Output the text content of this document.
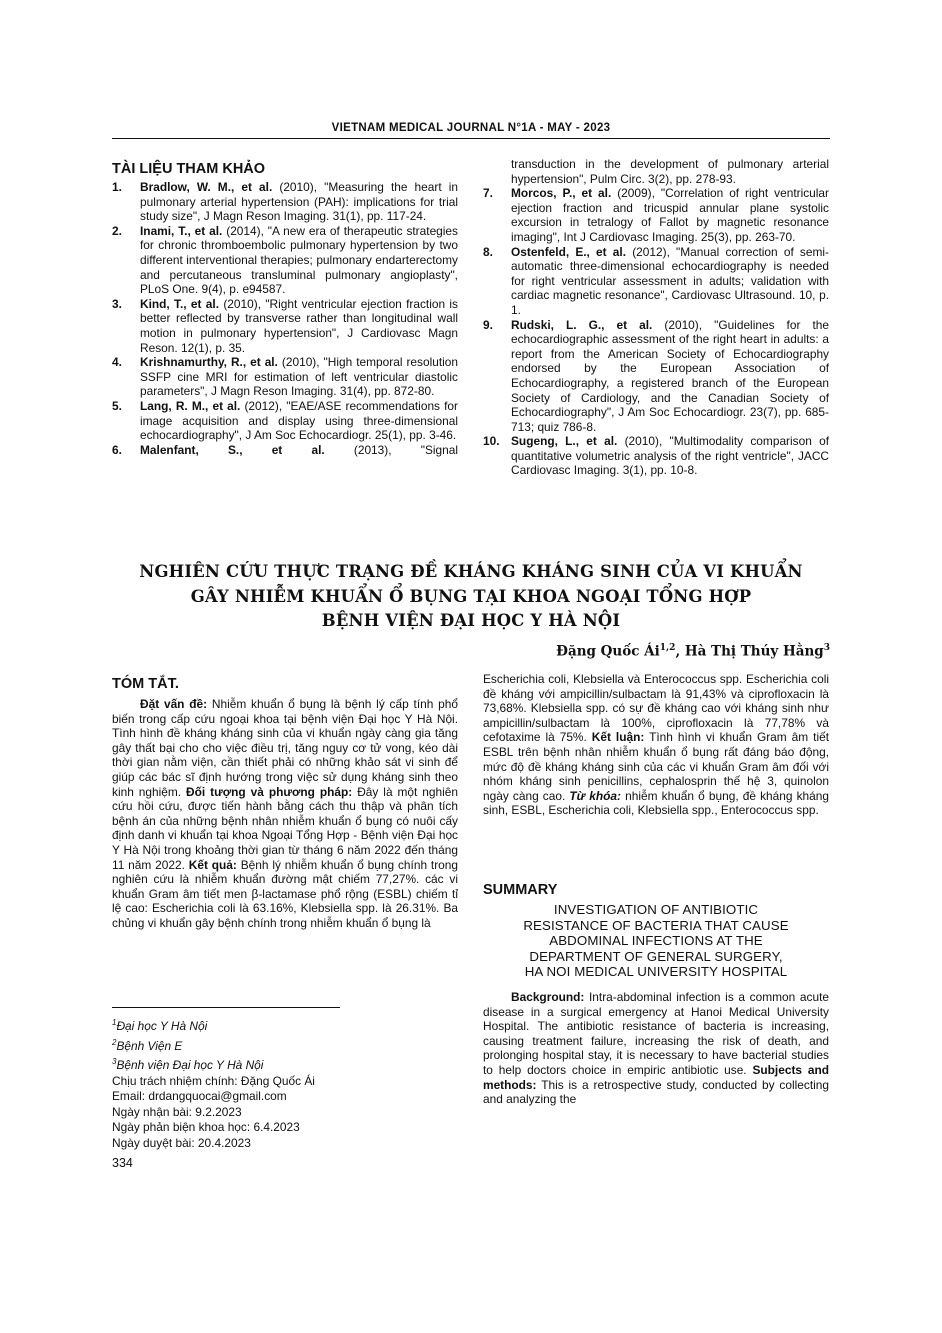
VIETNAM MEDICAL JOURNAL N°1A - MAY - 2023
TÀI LIỆU THAM KHẢO
1. Bradlow, W. M., et al. (2010), "Measuring the heart in pulmonary arterial hypertension (PAH): implications for trial study size", J Magn Reson Imaging. 31(1), pp. 117-24.
2. Inami, T., et al. (2014), "A new era of therapeutic strategies for chronic thromboembolic pulmonary hypertension by two different interventional therapies; pulmonary endarterectomy and percutaneous transluminal pulmonary angioplasty", PLoS One. 9(4), p. e94587.
3. Kind, T., et al. (2010), "Right ventricular ejection fraction is better reflected by transverse rather than longitudinal wall motion in pulmonary hypertension", J Cardiovasc Magn Reson. 12(1), p. 35.
4. Krishnamurthy, R., et al. (2010), "High temporal resolution SSFP cine MRI for estimation of left ventricular diastolic parameters", J Magn Reson Imaging. 31(4), pp. 872-80.
5. Lang, R. M., et al. (2012), "EAE/ASE recommendations for image acquisition and display using three-dimensional echocardiography", J Am Soc Echocardiogr. 25(1), pp. 3-46.
6. Malenfant, S., et al. (2013), "Signal
transduction in the development of pulmonary arterial hypertension", Pulm Circ. 3(2), pp. 278-93.
7. Morcos, P., et al. (2009), "Correlation of right ventricular ejection fraction and tricuspid annular plane systolic excursion in tetralogy of Fallot by magnetic resonance imaging", Int J Cardiovasc Imaging. 25(3), pp. 263-70.
8. Ostenfeld, E., et al. (2012), "Manual correction of semi-automatic three-dimensional echocardiography is needed for right ventricular assessment in adults; validation with cardiac magnetic resonance", Cardiovasc Ultrasound. 10, p. 1.
9. Rudski, L. G., et al. (2010), "Guidelines for the echocardiographic assessment of the right heart in adults: a report from the American Society of Echocardiography endorsed by the European Association of Echocardiography, a registered branch of the European Society of Cardiology, and the Canadian Society of Echocardiography", J Am Soc Echocardiogr. 23(7), pp. 685-713; quiz 786-8.
10. Sugeng, L., et al. (2010), "Multimodality comparison of quantitative volumetric analysis of the right ventricle", JACC Cardiovasc Imaging. 3(1), pp. 10-8.
NGHIÊN CỨU THỰC TRẠNG ĐỀ KHÁNG KHÁNG SINH CỦA VI KHUẨN
GÂY NHIỄM KHUẨN Ổ BỤNG TẠI KHOA NGOẠI TỔNG HỢP
BỆNH VIỆN ĐẠI HỌC Y HÀ NỘI
Đặng Quốc Ái$^{1,2}$, Hà Thị Thúy Hằng$^3$
TÓM TẮT.
Đặt vấn đề: Nhiễm khuẩn ổ bụng là bệnh lý cấp tính phổ biến trong cấp cứu ngoại khoa tại bệnh viện Đại học Y Hà Nội. Tình hình đề kháng kháng sinh của vi khuẩn ngày càng gia tăng gây thất bại cho cho việc điều trị, tăng nguy cơ tử vong, kéo dài thời gian nằm viện, cần thiết phải có những khảo sát vi sinh để giúp các bác sĩ định hướng trong việc sử dụng kháng sinh theo kinh nghiệm. Đối tượng và phương pháp: Đây là một nghiên cứu hồi cứu, được tiến hành bằng cách thu thập và phân tích bệnh án của những bệnh nhân nhiễm khuẩn ổ bụng có nuôi cấy định danh vi khuẩn tại khoa Ngoại Tổng Hợp - Bệnh viện Đại học Y Hà Nội trong khoảng thời gian từ tháng 6 năm 2022 đến tháng 11 năm 2022. Kết quả: Bệnh lý nhiễm khuẩn ổ bụng chính trong nghiên cứu là nhiễm khuẩn đường mật chiếm 77,27%. các vi khuẩn Gram âm tiết men β-lactamase phổ rộng (ESBL) chiếm tỉ lệ cao: Escherichia coli là 63.16%, Klebsiella spp. là 26.31%. Ba chủng vi khuẩn gây bệnh chính trong nhiễm khuẩn ổ bụng là
Escherichia coli, Klebsiella và Enterococcus spp. Escherichia coli đề kháng với ampicillin/sulbactam là 91,43% và ciprofloxacin là 73,68%. Klebsiella spp. có sự đề kháng cao với kháng sinh như ampicillin/sulbactam là 100%, ciprofloxacin là 77,78% và cefotaxime là 75%. Kết luận: Tình hình vi khuẩn Gram âm tiết ESBL trên bệnh nhân nhiễm khuẩn ổ bụng rất đáng báo động, mức độ đề kháng kháng sinh của các vi khuẩn Gram âm đối với nhóm kháng sinh penicillins, cephalosprin thế hệ 3, quinolon ngày càng cao. Từ khóa: nhiễm khuẩn ổ bụng, đề kháng kháng sinh, ESBL, Escherichia coli, Klebsiella spp., Enterococcus spp.
SUMMARY
INVESTIGATION OF ANTIBIOTIC
RESISTANCE OF BACTERIA THAT CAUSE
ABDOMINAL INFECTIONS AT THE
DEPARTMENT OF GENERAL SURGERY,
HA NOI MEDICAL UNIVERSITY HOSPITAL
Background: Intra-abdominal infection is a common acute disease in a surgical emergency at Hanoi Medical University Hospital. The antibiotic resistance of bacteria is increasing, causing treatment failure, increasing the risk of death, and prolonging hospital stay, it is necessary to have bacterial studies to help doctors choice in empiric antibiotic use. Subjects and methods: This is a retrospective study, conducted by collecting and analyzing the
$^1$Đại học Y Hà Nội
$^2$Bệnh Viện E
$^3$Bệnh viện Đại học Y Hà Nội
Chịu trách nhiệm chính: Đặng Quốc Ái
Email: drdangquocai@gmail.com
Ngày nhận bài: 9.2.2023
Ngày phản biện khoa học: 6.4.2023
Ngày duyệt bài: 20.4.2023
334
